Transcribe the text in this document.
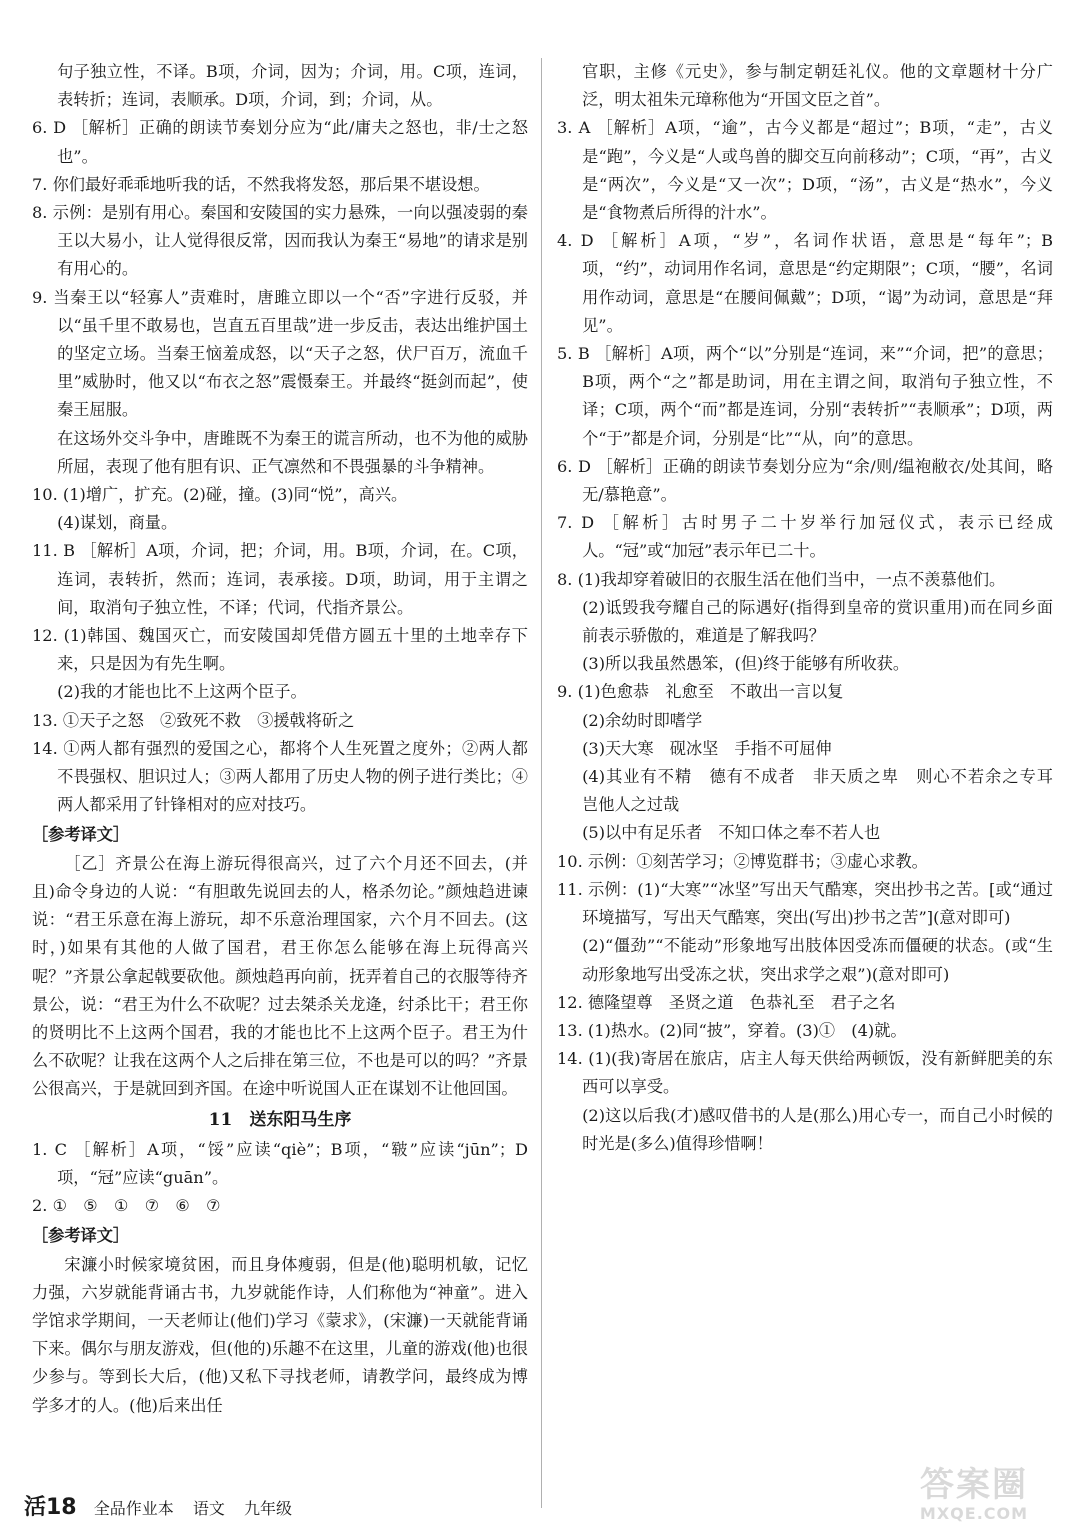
句子独立性，不译。B项，介词，因为；介词，用。C项，连词，表转折；连词，表顺承。D项，介词，到；介词，从。

6. D ［解析］正确的朗读节奏划分应为“此/庸夫之怒也，非/士之怒也”。

7. 你们最好乖乖地听我的话，不然我将发怒，那后果不堪设想。

8. 示例：是别有用心。秦国和安陵国的实力悬殊，一向以强凌弱的秦王以大易小，让人觉得很反常，因而我认为秦王“易地”的请求是别有用心的。

9. 当秦王以“轻寡人”责难时，唐雎立即以一个“否”字进行反驳，并以“虽千里不敢易也，岂直五百里哉”进一步反击，表达出维护国土的坚定立场。当秦王恼羞成怒，以“天子之怒，伏尸百万，流血千里”威胁时，他又以“布衣之怒”震慑秦王。并最终“挺剑而起”，使秦王屈服。

在这场外交斗争中，唐雎既不为秦王的谎言所动，也不为他的威胁所屈，表现了他有胆有识、正气凛然和不畏强暴的斗争精神。

10. (1)增广，扩充。(2)碰，撞。(3)同“悦”，高兴。

(4)谋划，商量。

11. B ［解析］A项，介词，把；介词，用。B项，介词，在。C项，连词，表转折，然而；连词，表承接。D项，助词，用于主谓之间，取消句子独立性，不译；代词，代指齐景公。

12. (1)韩国、魏国灭亡，而安陵国却凭借方圆五十里的土地幸存下来，只是因为有先生啊。

(2)我的才能也比不上这两个臣子。

13. ①天子之怒　②致死不救　③援戟将斫之

14. ①两人都有强烈的爱国之心，都将个人生死置之度外；②两人都不畏强权、胆识过人；③两人都用了历史人物的例子进行类比；④两人都采用了针锋相对的应对技巧。

［参考译文］

［乙］齐景公在海上游玩得很高兴，过了六个月还不回去，(并且)命令身边的人说：“有胆敢先说回去的人，格杀勿论。”颜烛趋进谏说：“君王乐意在海上游玩，却不乐意治理国家，六个月不回去。(这时，)如果有其他的人做了国君，君王你怎么能够在海上玩得高兴呢？”齐景公拿起戟要砍他。颜烛趋再向前，抚弄着自己的衣服等待齐景公，说：“君王为什么不砍呢？过去桀杀关龙逄，纣杀比干；君王你的贤明比不上这两个国君，我的才能也比不上这两个臣子。君王为什么不砍呢？让我在这两个人之后排在第三位，不也是可以的吗？”齐景公很高兴，于是就回到齐国。在途中听说国人正在谋划不让他回国。

11　送东阳马生序

1. C ［解析］A项，“馁”应读“qiè”；B项，“皲”应读“jūn”；D项，“冠”应读“guān”。

2. ①　⑤　①　⑦　⑥　⑦

［参考译文］

宋濂小时候家境贫困，而且身体瘦弱，但是(他)聪明机敏，记忆力强，六岁就能背诵古书，九岁就能作诗，人们称他为“神童”。进入学馆求学期间，一天老师让(他们)学习《蒙求》，(宋濂)一天就能背诵下来。偶尔与朋友游戏，但(他的)乐趣不在这里，儿童的游戏(他)也很少参与。等到长大后，(他)又私下寻找老师，请教学问，最终成为博学多才的人。(他)后来出任

官职，主修《元史》，参与制定朝廷礼仪。他的文章题材十分广泛，明太祖朱元璋称他为“开国文臣之首”。

3. A ［解析］A项，“逾”，古今义都是“超过”；B项，“走”，古义是“跑”，今义是“人或鸟兽的脚交互向前移动”；C项，“再”，古义是“两次”，今义是“又一次”；D项，“汤”，古义是“热水”，今义是“食物煮后所得的汁水”。

4. D ［解析］A项，“岁”，名词作状语，意思是“每年”；B项，“约”，动词用作名词，意思是“约定期限”；C项，“腰”，名词用作动词，意思是“在腰间佩戴”；D项，“谒”为动词，意思是“拜见”。

5. B ［解析］A项，两个“以”分别是“连词，来”“介词，把”的意思；B项，两个“之”都是助词，用在主谓之间，取消句子独立性，不译；C项，两个“而”都是连词，分别“表转折”“表顺承”；D项，两个“于”都是介词，分别是“比”“从，向”的意思。

6. D ［解析］正确的朗读节奏划分应为“余/则/缊袍敝衣/处其间，略无/慕艳意”。

7. D ［解析］古时男子二十岁举行加冠仪式，表示已经成人。“冠”或“加冠”表示年已二十。

8. (1)我却穿着破旧的衣服生活在他们当中，一点不羡慕他们。

(2)诋毁我夸耀自己的际遇好(指得到皇帝的赏识重用)而在同乡面前表示骄傲的，难道是了解我吗？

(3)所以我虽然愚笨，(但)终于能够有所收获。

9. (1)色愈恭　礼愈至　不敢出一言以复

(2)余幼时即嗜学

(3)天大寒　砚冰坚　手指不可屈伸

(4)其业有不精　德有不成者　非天质之卑　则心不若余之专耳　岂他人之过哉

(5)以中有足乐者　不知口体之奉不若人也

10. 示例：①刻苦学习；②博览群书；③虚心求教。

11. 示例：(1)“大寒”“冰坚”写出天气酷寒，突出抄书之苦。[或“通过环境描写，写出天气酷寒，突出(写出)抄书之苦”](意对即可)

(2)“僵劲”“不能动”形象地写出肢体因受冻而僵硬的状态。(或“生动形象地写出受冻之状，突出求学之艰”)(意对即可)

12. 德隆望尊　圣贤之道　色恭礼至　君子之名

13. (1)热水。(2)同“披”，穿着。(3)①　(4)就。

14. (1)(我)寄居在旅店，店主人每天供给两顿饭，没有新鲜肥美的东西可以享受。

(2)这以后我(才)感叹借书的人是(那么)用心专一，而自己小时候的时光是(多么)值得珍惜啊！

活18 全品作业本 语文 九年级
答案圈
MXQE.COM
